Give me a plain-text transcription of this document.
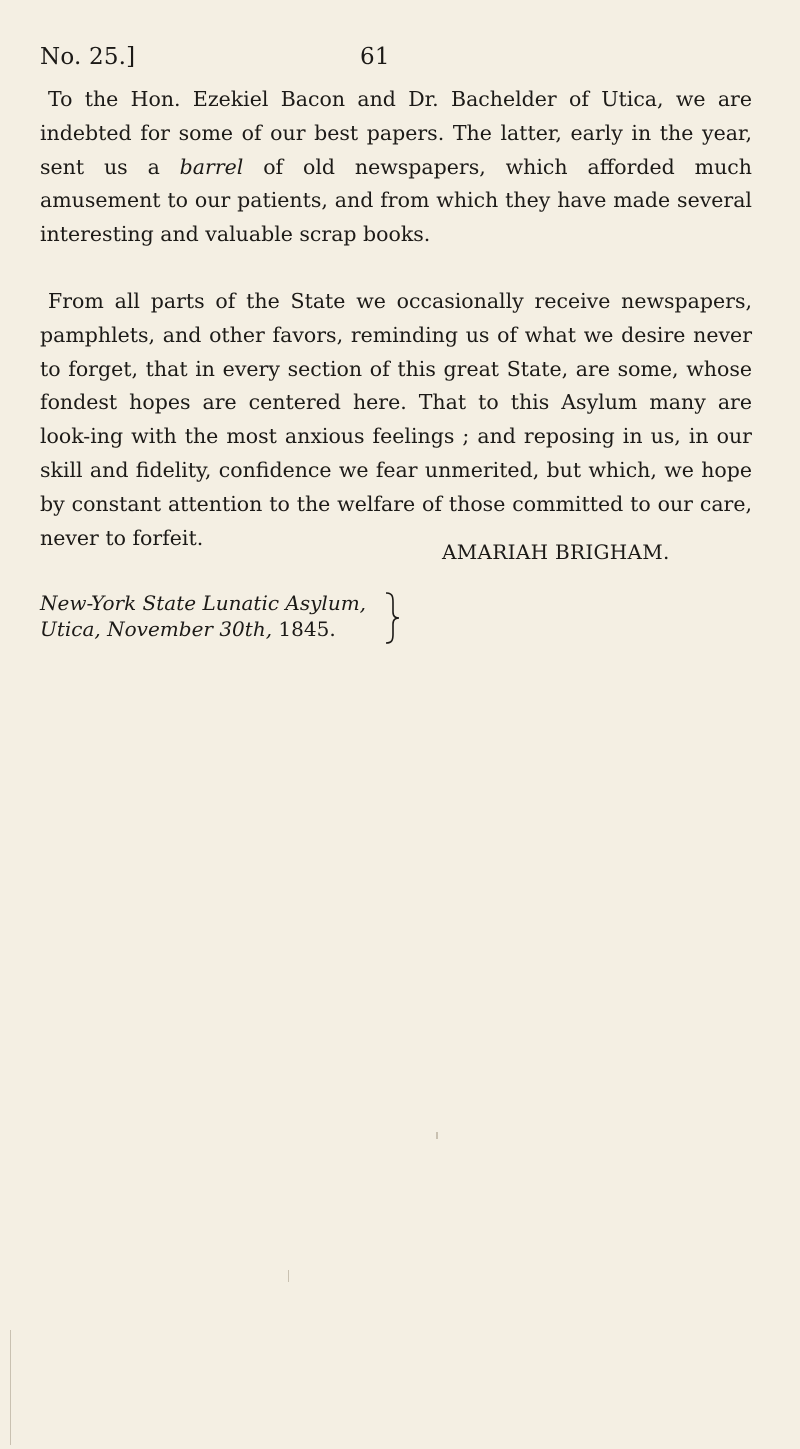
No. 25.]	61
To the Hon. Ezekiel Bacon and Dr. Bachelder of Utica, we are indebted for some of our best papers. The latter, early in the year, sent us a barrel of old newspapers, which afforded much amusement to our patients, and from which they have made several interesting and valuable scrap books.
From all parts of the State we occasionally receive newspapers, pamphlets, and other favors, reminding us of what we desire never to forget, that in every section of this great State, are some, whose fondest hopes are centered here. That to this Asylum many are look-ing with the most anxious feelings ; and reposing in us, in our skill and fidelity, confidence we fear unmerited, but which, we hope by constant attention to the welfare of those committed to our care, never to forfeit.
AMARIAH BRIGHAM.
New-York State Lunatic Asylum,
Utica, November 30th, 1845.
